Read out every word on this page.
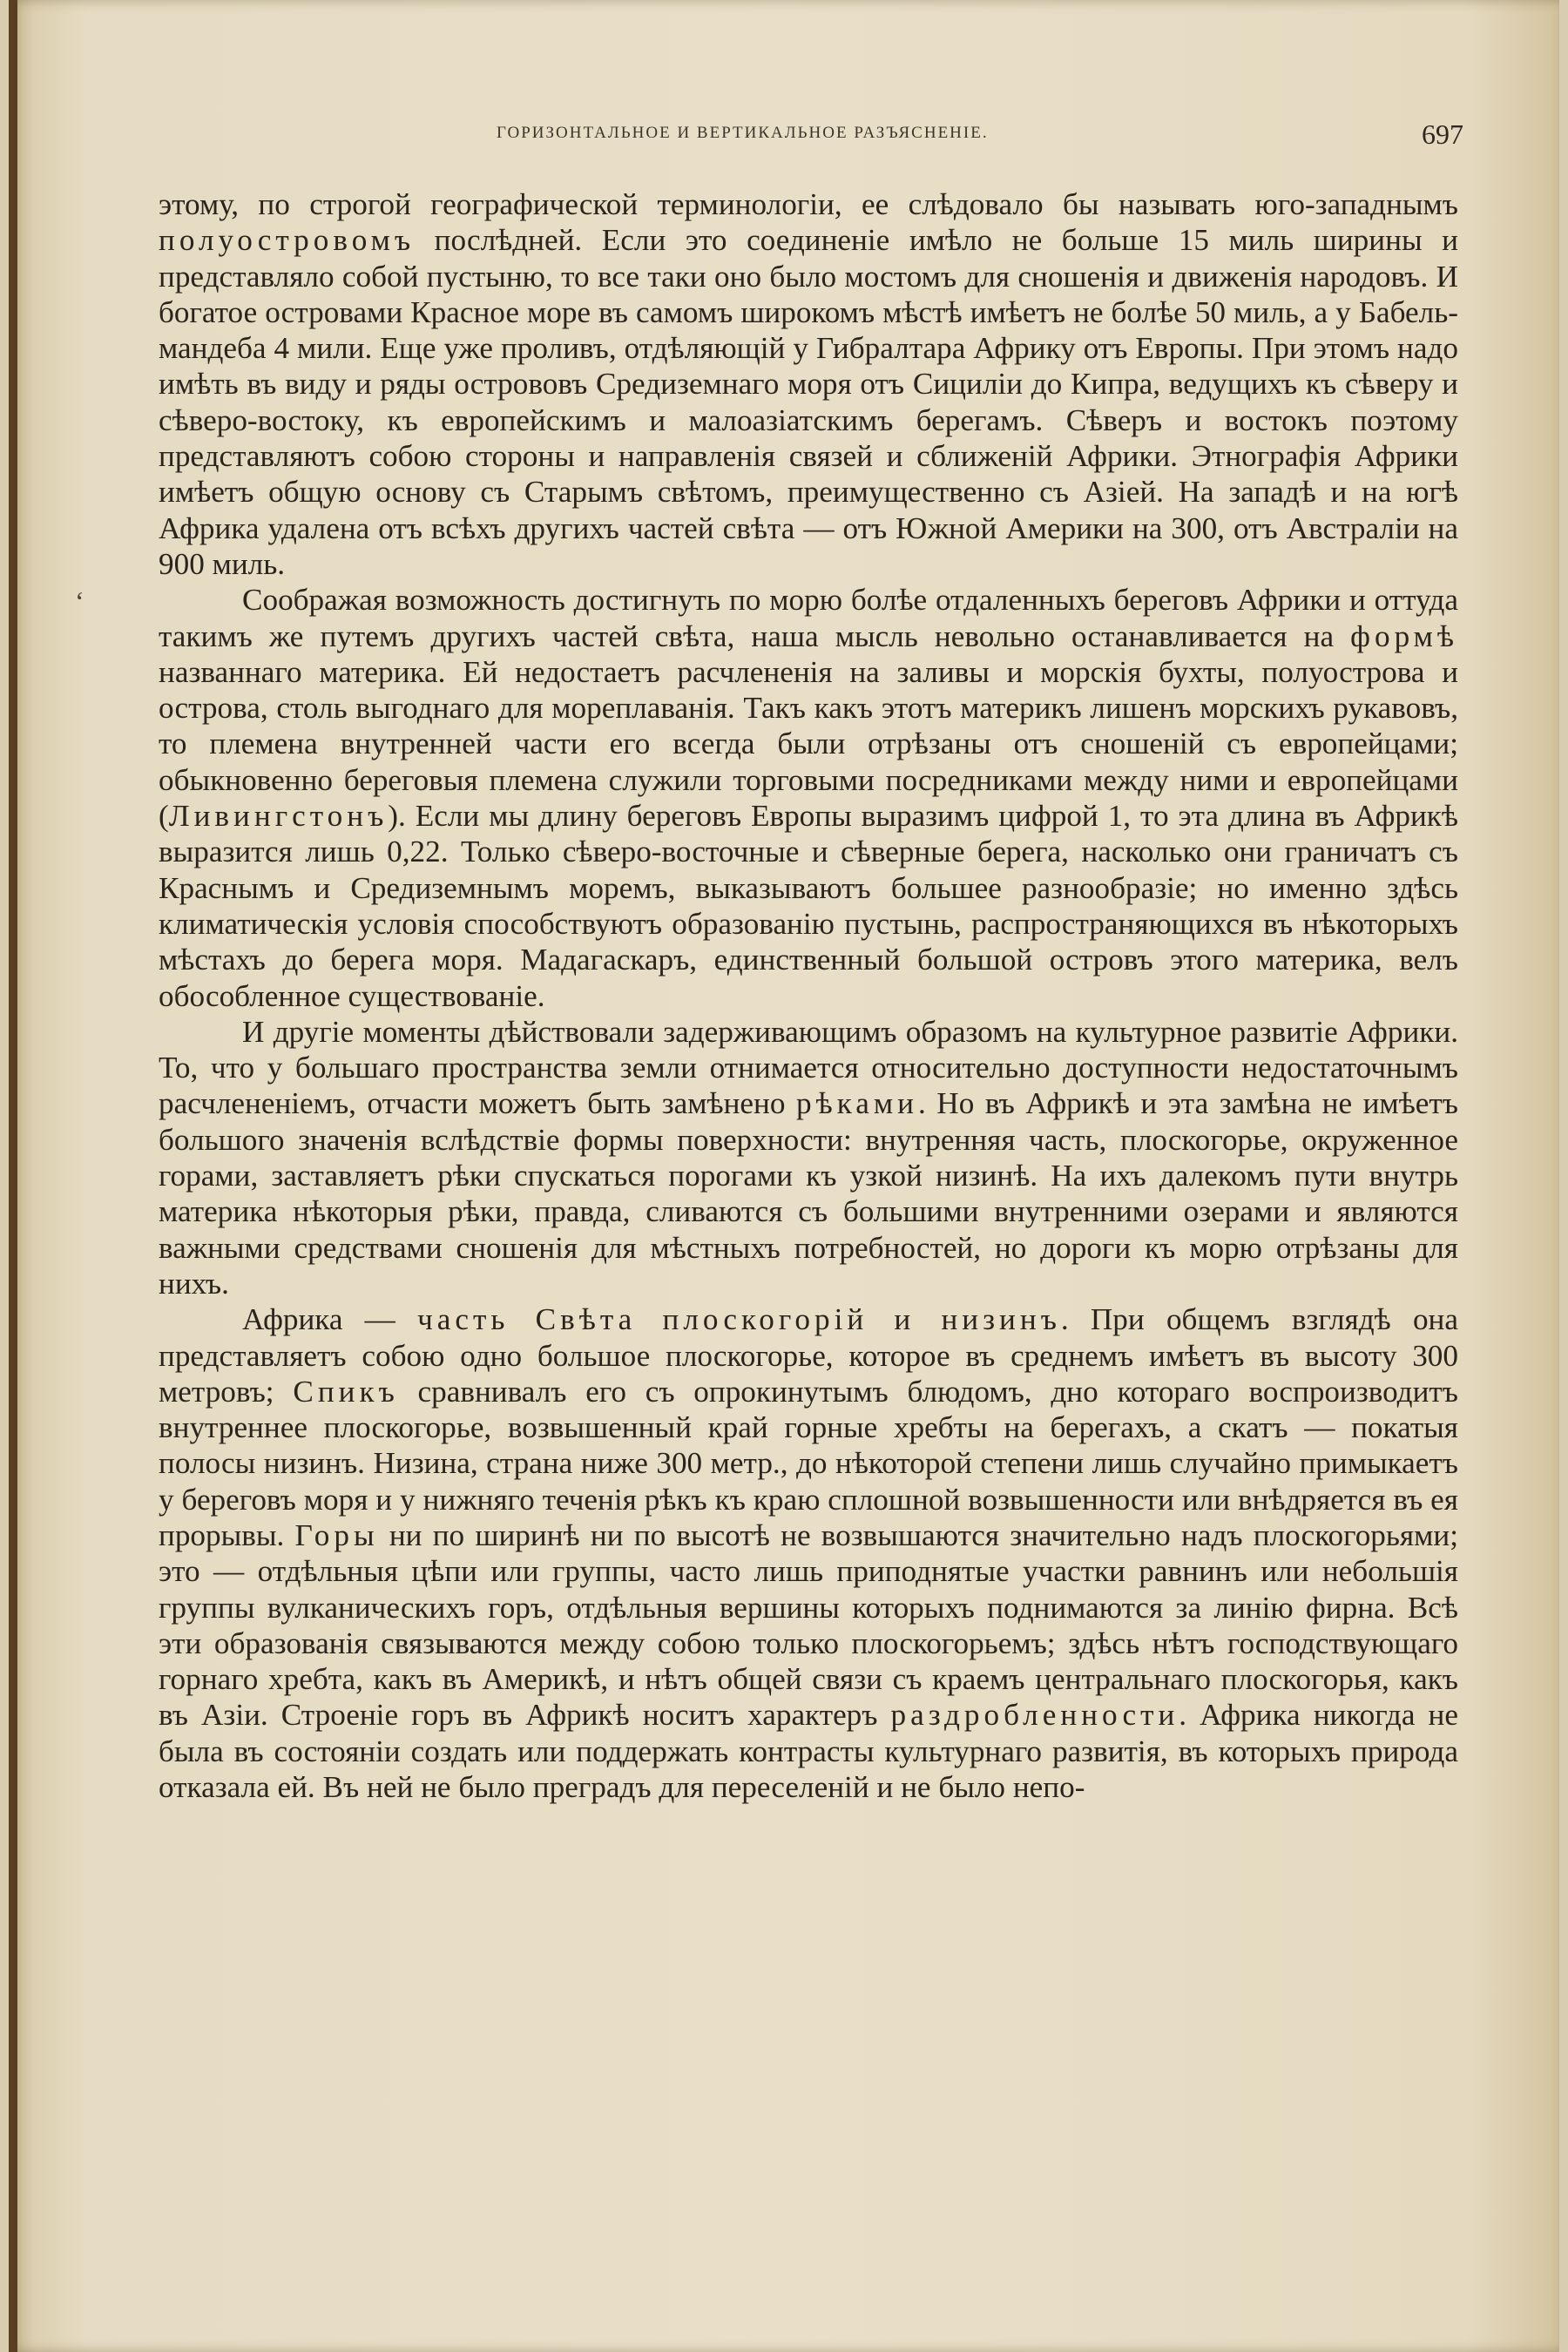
ГОРИЗОНТАЛЬНОЕ И ВЕРТИКАЛЬНОЕ РАЗЪЯСНЕНІЕ.	697
‘

этому, по строгой географической терминологіи, ее слѣдовало бы называть юго-западнымъ полуостровомъ послѣдней. Если это соединеніе имѣло не больше 15 миль ширины и представляло собой пустыню, то все таки оно было мостомъ для сношенія и движенія народовъ. И богатое островами Красное море въ самомъ широкомъ мѣстѣ имѣетъ не болѣе 50 миль, а у Бабель-мандеба 4 мили. Еще уже проливъ, отдѣляющій у Гибралтара Африку отъ Европы. При этомъ надо имѣть въ виду и ряды острововъ Средиземнаго моря отъ Сициліи до Кипра, ведущихъ къ сѣверу и сѣверо-востоку, къ европейскимъ и малоазіатскимъ берегамъ. Сѣверъ и востокъ поэтому представляютъ собою стороны и направленія связей и сближеній Африки. Этнографія Африки имѣетъ общую основу съ Старымъ свѣтомъ, преимущественно съ Азіей. На западѣ и на югѣ Африка удалена отъ всѣхъ другихъ частей свѣта — отъ Южной Америки на 300, отъ Австраліи на 900 миль.

Соображая возможность достигнуть по морю болѣе отдаленныхъ береговъ Африки и оттуда такимъ же путемъ другихъ частей свѣта, наша мысль невольно останавливается на формѣ названнаго материка. Ей недостаетъ расчлененія на заливы и морскія бухты, полуострова и острова, столь выгоднаго для мореплаванія. Такъ какъ этотъ материкъ лишенъ морскихъ рукавовъ, то племена внутренней части его всегда были отрѣзаны отъ сношеній съ европейцами; обыкновенно береговыя племена служили торговыми посредниками между ними и европейцами (Ливингстонъ). Если мы длину береговъ Европы выразимъ цифрой 1, то эта длина въ Африкѣ выразится лишь 0,22. Только сѣверо-восточные и сѣверные берега, насколько они граничатъ съ Краснымъ и Средиземнымъ моремъ, выказываютъ большее разнообразіе; но именно здѣсь климатическія условія способствуютъ образованію пустынь, распространяющихся въ нѣкоторыхъ мѣстахъ до берега моря. Мадагаскаръ, единственный большой островъ этого материка, велъ обособленное существованіе.

И другіе моменты дѣйствовали задерживающимъ образомъ на культурное развитіе Африки. То, что у большаго пространства земли отнимается относительно доступности недостаточнымъ расчлененіемъ, отчасти можетъ быть замѣнено рѣками. Но въ Африкѣ и эта замѣна не имѣетъ большого значенія вслѣдствіе формы поверхности: внутренняя часть, плоскогорье, окруженное горами, заставляетъ рѣки спускаться порогами къ узкой низинѣ. На ихъ далекомъ пути внутрь материка нѣкоторыя рѣки, правда, сливаются съ большими внутренними озерами и являются важными средствами сношенія для мѣстныхъ потребностей, но дороги къ морю отрѣзаны для нихъ.

Африка — часть Свѣта плоскогорій и низинъ. При общемъ взглядѣ она представляетъ собою одно большое плоскогорье, которое въ среднемъ имѣетъ въ высоту 300 метровъ; Спикъ сравнивалъ его съ опрокинутымъ блюдомъ, дно котораго воспроизводитъ внутреннее плоскогорье, возвышенный край горные хребты на берегахъ, а скатъ — покатыя полосы низинъ. Низина, страна ниже 300 метр., до нѣкоторой степени лишь случайно примыкаетъ у береговъ моря и у нижняго теченія рѣкъ къ краю сплошной возвышенности или внѣдряется въ ея прорывы. Горы ни по ширинѣ ни по высотѣ не возвышаются значительно надъ плоскогорьями; это — отдѣльныя цѣпи или группы, часто лишь приподнятые участки равнинъ или небольшія группы вулканическихъ горъ, отдѣльныя вершины которыхъ поднимаются за линію фирна. Всѣ эти образованія связываются между собою только плоскогорьемъ; здѣсь нѣтъ господствующаго горнаго хребта, какъ въ Америкѣ, и нѣтъ общей связи съ краемъ центральнаго плоскогорья, какъ въ Азіи. Строеніе горъ въ Африкѣ носитъ характеръ раздробленности. Африка никогда не была въ состояніи создать или поддержать контрасты культурнаго развитія, въ которыхъ природа отказала ей. Въ ней не было преградъ для переселеній и не было непо-
